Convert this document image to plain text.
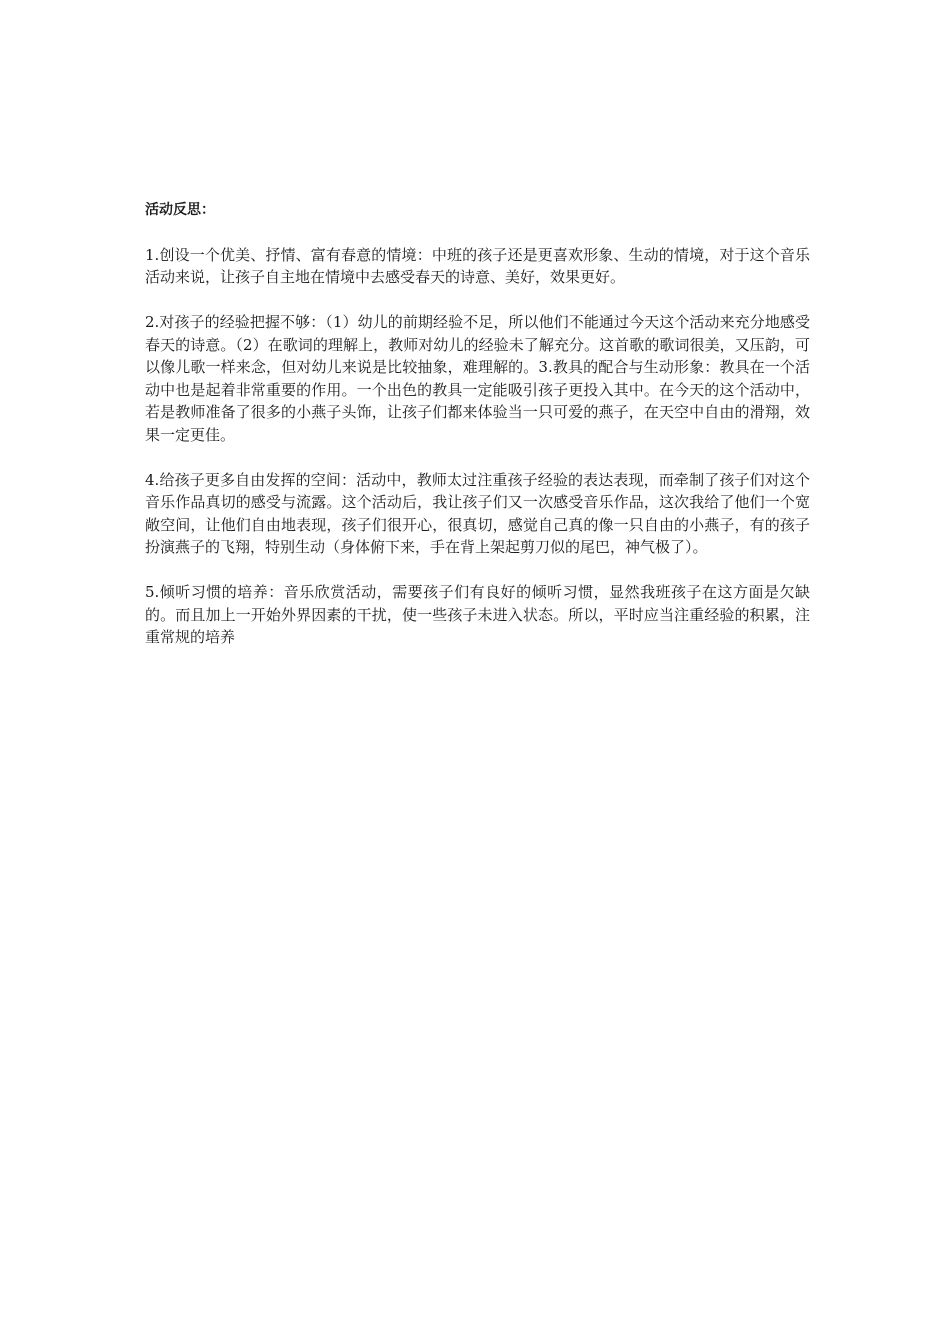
活动反思：

1.创设一个优美、抒情、富有春意的情境：中班的孩子还是更喜欢形象、生动的情境，对于这个音乐活动来说，让孩子自主地在情境中去感受春天的诗意、美好，效果更好。

2.对孩子的经验把握不够：（1）幼儿的前期经验不足，所以他们不能通过今天这个活动来充分地感受春天的诗意。（2）在歌词的理解上，教师对幼儿的经验未了解充分。这首歌的歌词很美，又压韵，可以像儿歌一样来念，但对幼儿来说是比较抽象，难理解的。3.教具的配合与生动形象：教具在一个活动中也是起着非常重要的作用。一个出色的教具一定能吸引孩子更投入其中。在今天的这个活动中，若是教师准备了很多的小燕子头饰，让孩子们都来体验当一只可爱的燕子，在天空中自由的滑翔，效果一定更佳。

4.给孩子更多自由发挥的空间：活动中，教师太过注重孩子经验的表达表现，而牵制了孩子们对这个音乐作品真切的感受与流露。这个活动后，我让孩子们又一次感受音乐作品，这次我给了他们一个宽敞空间，让他们自由地表现，孩子们很开心，很真切，感觉自己真的像一只自由的小燕子，有的孩子扮演燕子的飞翔，特别生动（身体俯下来，手在背上架起剪刀似的尾巴，神气极了）。

5.倾听习惯的培养：音乐欣赏活动，需要孩子们有良好的倾听习惯，显然我班孩子在这方面是欠缺的。而且加上一开始外界因素的干扰，使一些孩子未进入状态。所以，平时应当注重经验的积累，注重常规的培养
